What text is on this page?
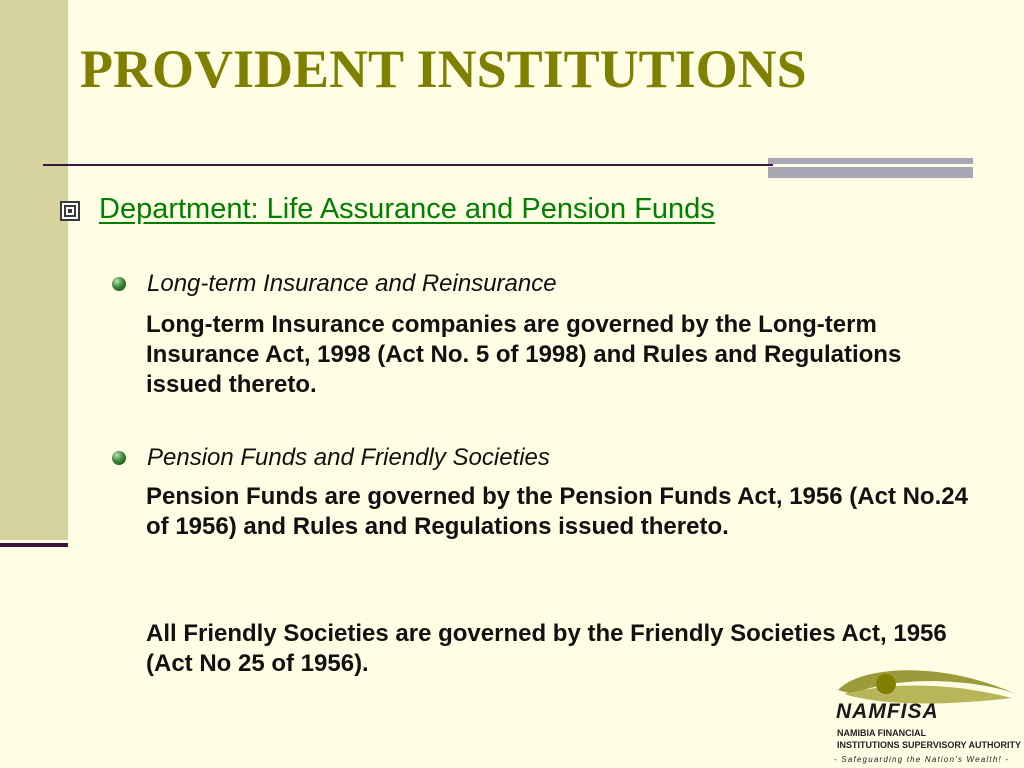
PROVIDENT INSTITUTIONS
Department: Life Assurance and Pension Funds
Long-term Insurance and Reinsurance

Long-term Insurance companies are governed by the Long-term Insurance Act, 1998 (Act No. 5 of 1998) and Rules and Regulations issued thereto.

Pension Funds and Friendly Societies

Pension Funds are governed by the Pension Funds Act, 1956 (Act No.24 of 1956) and Rules and Regulations issued thereto.

All Friendly Societies are governed by the Friendly Societies Act, 1956 (Act No 25 of 1956).

NAMFISA
NAMIBIA FINANCIAL
INSTITUTIONS SUPERVISORY AUTHORITY
- Safeguarding the Nation's Wealth! -
